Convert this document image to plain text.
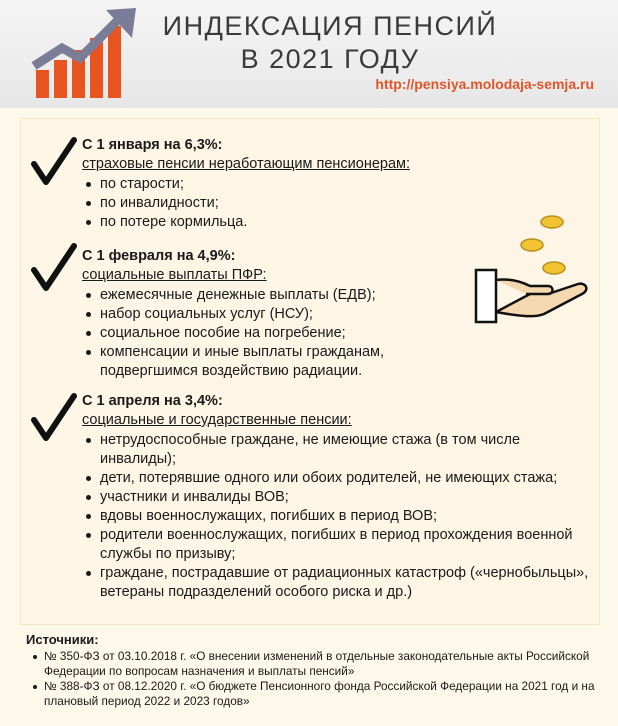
ИНДЕКСАЦИЯ ПЕНСИЙ
В 2021 ГОДУ
http://pensiya.molodaja-semja.ru

С 1 января на 6,3%:

страховые пенсии неработающим пенсионерам:

по старости;
по инвалидности;
по потере кормильца.

С 1 февраля на 4,9%:

социальные выплаты ПФР:

ежемесячные денежные выплаты (ЕДВ);
набор социальных услуг (НСУ);
социальное пособие на погребение;
компенсации и иные выплаты гражданам, подвергшимся воздействию радиации.

С 1 апреля на 3,4%:

социальные и государственные пенсии:

нетрудоспособные граждане, не имеющие стажа (в том числе инвалиды);
дети, потерявшие одного или обоих родителей, не имеющих стажа;
участники и инвалиды ВОВ;
вдовы военнослужащих, погибших в период ВОВ;
родители военнослужащих, погибших в период прохождения военной службы по призыву;
граждане, пострадавшие от радиационных катастроф («чернобыльцы», ветераны подразделений особого риска и др.)

Источники:

№ 350-ФЗ от 03.10.2018 г. «О внесении изменений в отдельные законодательные акты Российской Федерации по вопросам назначения и выплаты пенсий»
№ 388-ФЗ от 08.12.2020 г. «О бюджете Пенсионного фонда Российской Федерации на 2021 год и на плановый период 2022 и 2023 годов»
